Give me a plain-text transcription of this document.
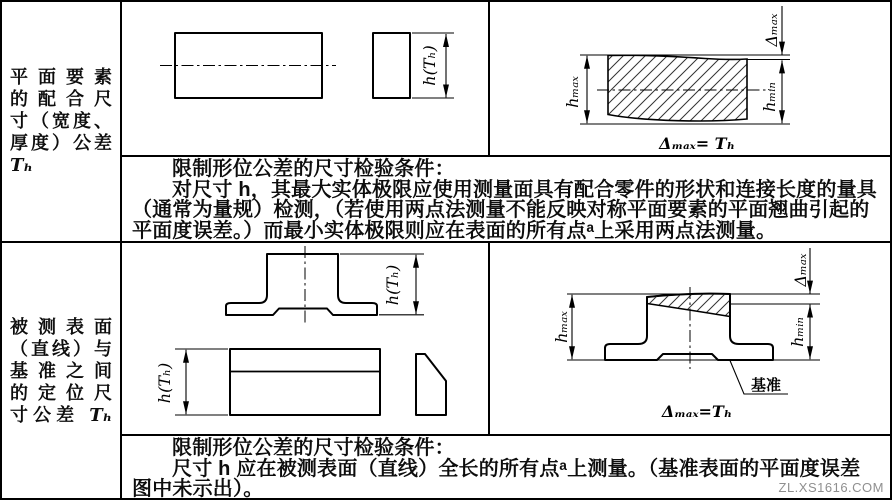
平面要素
的配合尺
寸（宽度、
厚度）公差
Tₕ
h(Tₕ)
hₘₐₓ
Δₘₐₓ
hₘᵢₙ
Δₘₐₓ= Tₕ

限制形位公差的尺寸检验条件：

对尺寸 h，其最大实体极限应使用测量面具有配合零件的形状和连接长度的量具（通常为量规）检测，（若使用两点法测量不能反映对称平面要素的平面翘曲引起的平面度误差。）而最小实体极限则应在表面的所有点ᵃ上采用两点法测量。

被测表面
（直线）与
基准之间
的定位尺
寸公差 Tₕ
h(Tₕ)
h(Tₕ)
hₘₐₓ
Δₘₐₓ
hₘᵢₙ
基准
Δₘₐₓ=Tₕ

限制形位公差的尺寸检验条件：

尺寸 h 应在被测表面（直线）全长的所有点ᵃ上测量。（基准表面的平面度误差图中未示出）。	ZL.XS1616.COM
